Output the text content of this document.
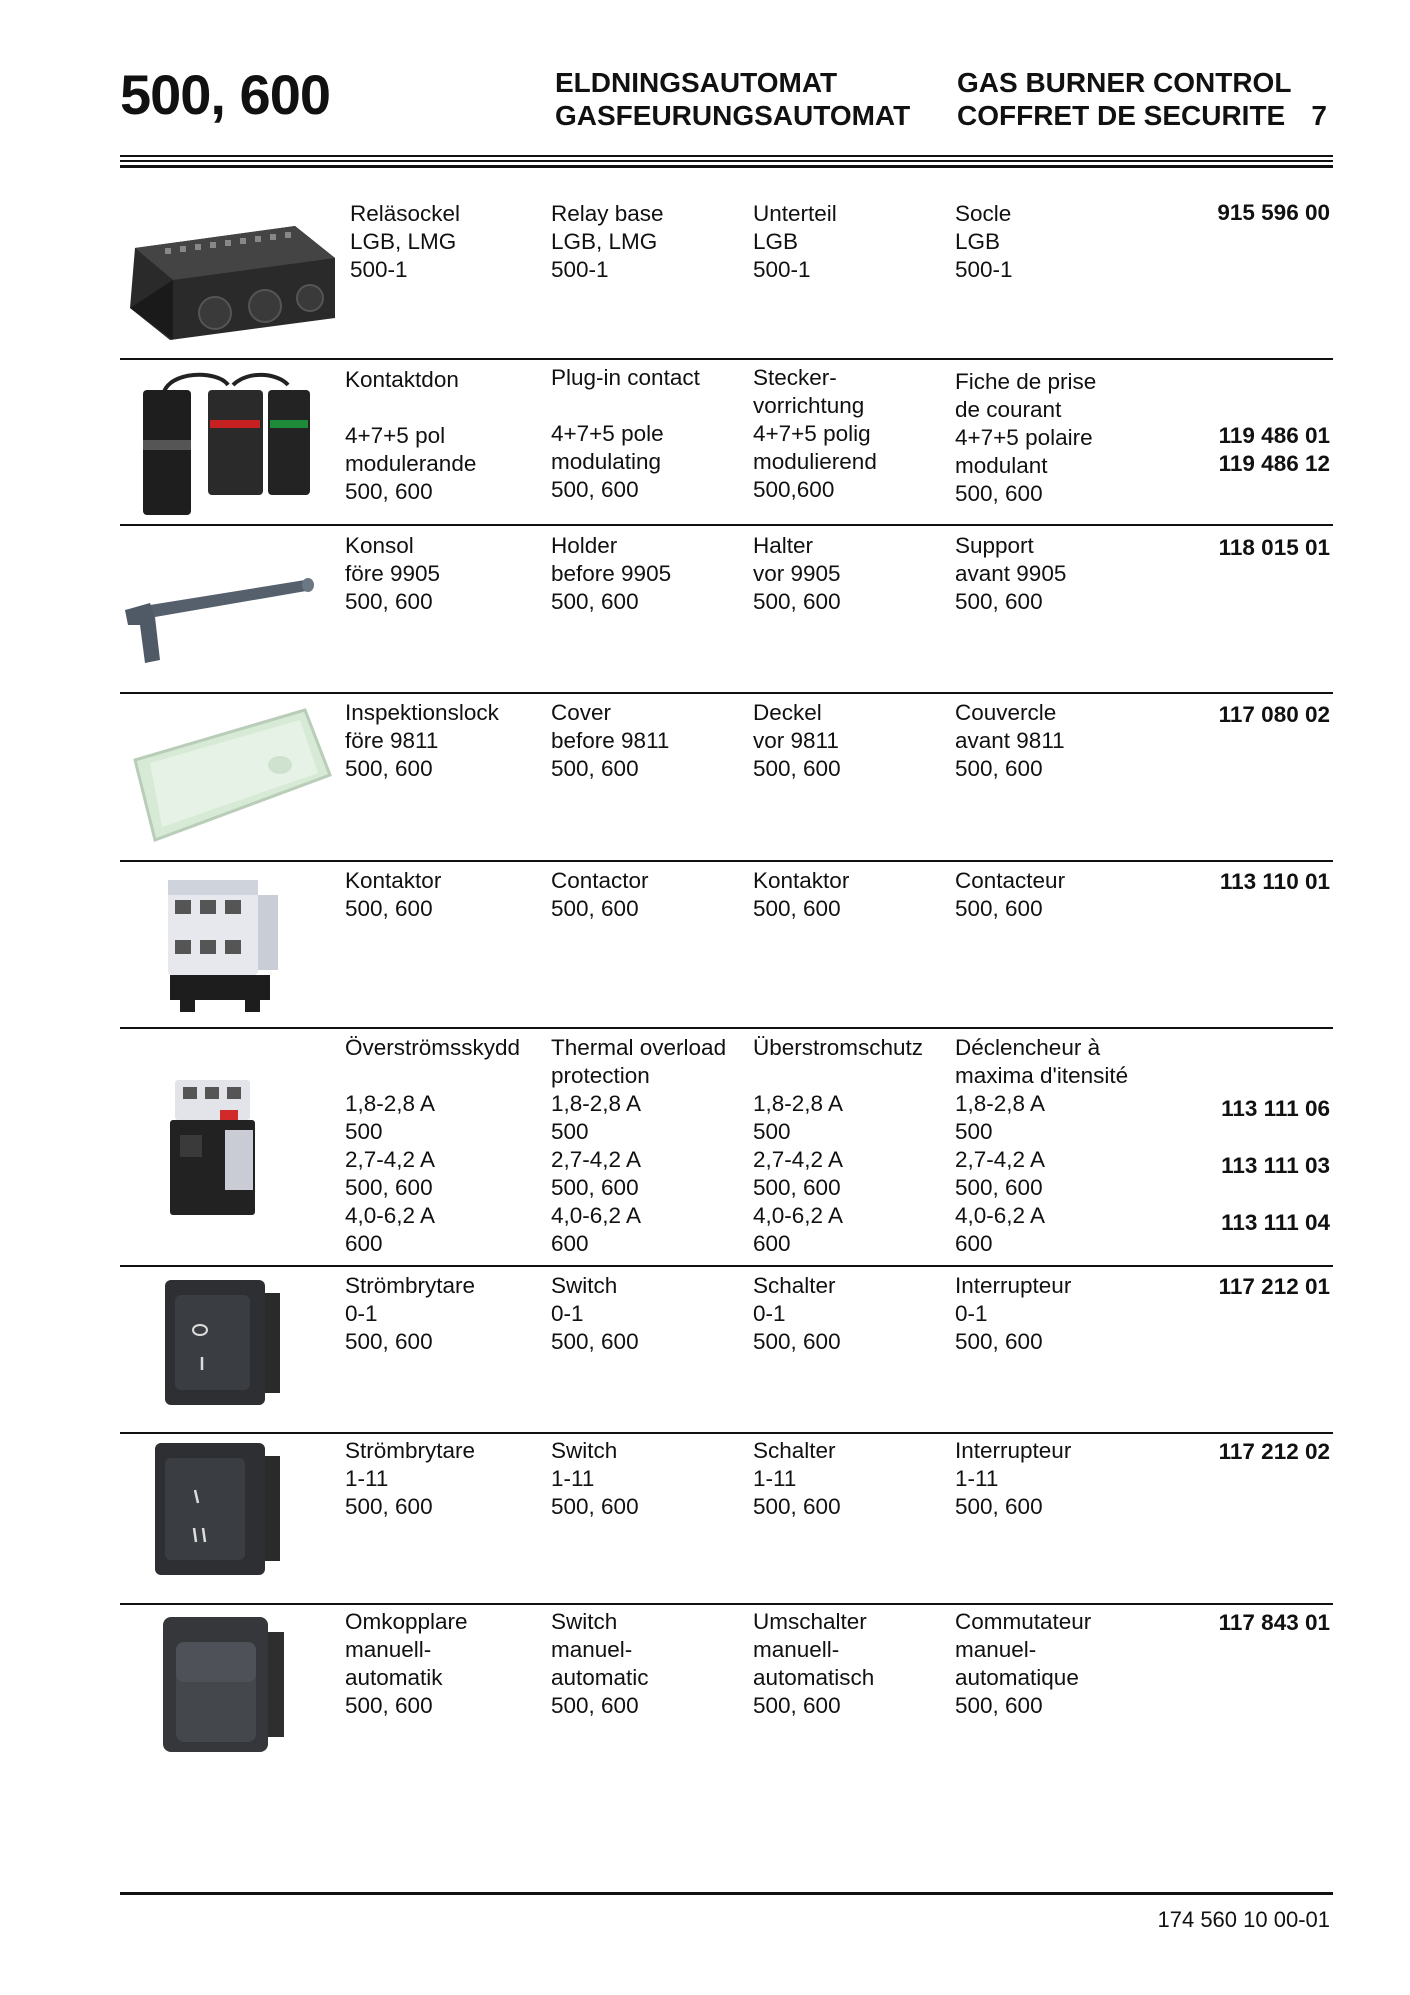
500, 600	ELDNINGSAUTOMAT
GASFEURUNGSAUTOMAT
GAS BURNER CONTROL
COFFRET DE SECURITE 7
Reläsockel
LGB, LMG
500-1
Relay base
LGB, LMG
500-1
Unterteil
LGB
500-1
Socle
LGB
500-1
915 596 00
Kontaktdon
4+7+5 pol
modulerande
500, 600
Plug-in contact
4+7+5 pole
modulating
500, 600
Stecker-
vorrichtung
4+7+5 polig
modulierend
500,600
Fiche de prise
de courant
4+7+5 polaire
modulant
500, 600
119 486 01
119 486 12
Konsol
före 9905
500, 600
Holder
before 9905
500, 600
Halter
vor 9905
500, 600
Support
avant 9905
500, 600
118 015 01
Inspektionslock
före 9811
500, 600
Cover
before 9811
500, 600
Deckel
vor 9811
500, 600
Couvercle
avant 9811
500, 600
117 080 02
Kontaktor
500, 600
Contactor
500, 600
Kontaktor
500, 600
Contacteur
500, 600
113 110 01
Överströmsskydd
1,8-2,8 A
500
2,7-4,2 A
500, 600
4,0-6,2 A
600
Thermal overload
protection
1,8-2,8 A
500
2,7-4,2 A
500, 600
4,0-6,2 A
600
Überstromschutz
1,8-2,8 A
500
2,7-4,2 A
500, 600
4,0-6,2 A
600
Déclencheur à
maxima d'itensité
1,8-2,8 A
500
2,7-4,2 A
500, 600
4,0-6,2 A
600
113 111 06
113 111 03
113 111 04
Strömbrytare
0-1
500, 600
Switch
0-1
500, 600
Schalter
0-1
500, 600
Interrupteur
0-1
500, 600
117 212 01
Strömbrytare
1-11
500, 600
Switch
1-11
500, 600
Schalter
1-11
500, 600
Interrupteur
1-11
500, 600
117 212 02
Omkopplare
manuell-
automatik
500, 600
Switch
manuel-
automatic
500, 600
Umschalter
manuell-
automatisch
500, 600
Commutateur
manuel-
automatique
500, 600
117 843 01
174 560 10 00-01
